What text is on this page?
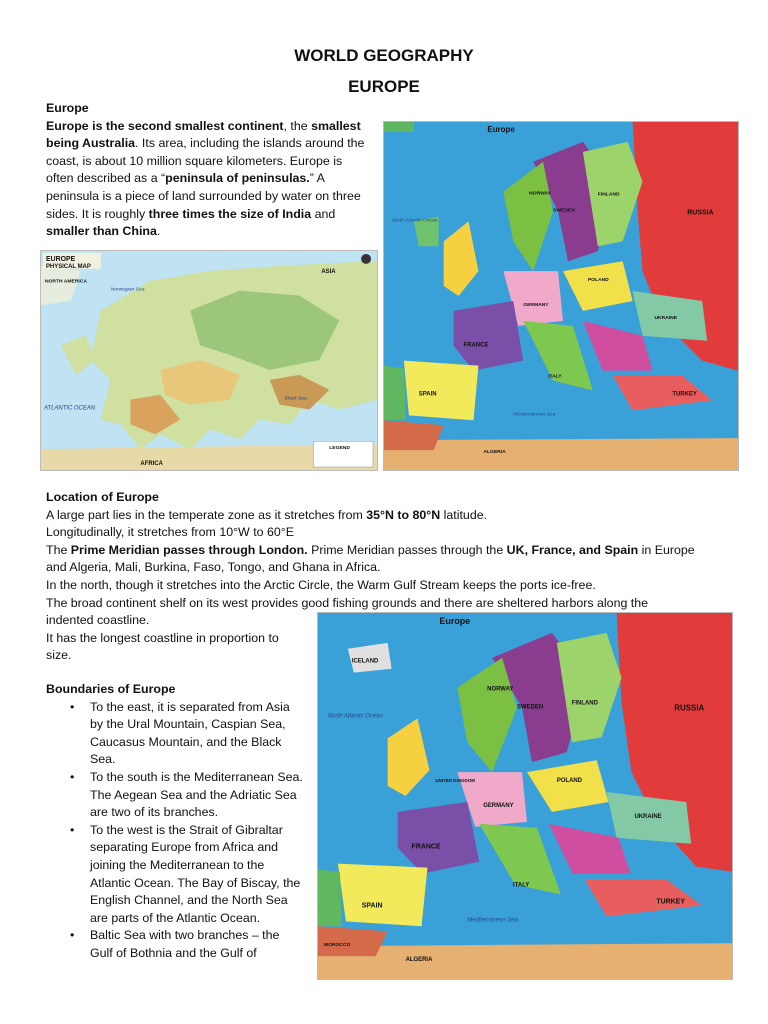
WORLD GEOGRAPHY
EUROPE
Europe
Europe is the second smallest continent, the smallest being Australia. Its area, including the islands around the coast, is about 10 million square kilometers. Europe is often described as a “peninsula of peninsulas.” A peninsula is a piece of land surrounded by water on three sides. It is roughly three times the size of India and smaller than China.
EUROPE
PHYSICAL MAP
ASIA
ATLANTIC OCEAN
AFRICA
Norwegian Sea
Black Sea
NORTH AMERICA
LEGEND
Europe
RUSSIA
NORWAY
SWEDEN
FINLAND
POLAND
GERMANY
FRANCE
SPAIN
ITALY
UKRAINE
TURKEY
ALGERIA
North Atlantic Ocean
Mediterranean Sea
Location of Europe
A large part lies in the temperate zone as it stretches from 35°N to 80°N latitude.
Longitudinally, it stretches from 10°W to 60°E
The Prime Meridian passes through London. Prime Meridian passes through the UK, France, and Spain in Europe
and Algeria, Mali, Burkina, Faso, Tongo, and Ghana in Africa.
In the north, though it stretches into the Arctic Circle, the Warm Gulf Stream keeps the ports ice-free.
The broad continent shelf on its west provides good fishing grounds and there are sheltered harbors along the
indented coastline.
It has the longest coastline in proportion to
size.
Europe
RUSSIA
NORWAY
SWEDEN
FINLAND
POLAND
GERMANY
FRANCE
SPAIN
ITALY
UKRAINE
TURKEY
ALGERIA
UNITED KINGDOM
ICELAND
MOROCCO
North Atlantic Ocean
Mediterranean Sea
Boundaries of Europe
• To the east, it is separated from Asia by the Ural Mountain, Caspian Sea, Caucasus Mountain, and the Black Sea.
• To the south is the Mediterranean Sea. The Aegean Sea and the Adriatic Sea are two of its branches.
• To the west is the Strait of Gibraltar separating Europe from Africa and joining the Mediterranean to the Atlantic Ocean. The Bay of Biscay, the English Channel, and the North Sea are parts of the Atlantic Ocean.
• Baltic Sea with two branches – the Gulf of Bothnia and the Gulf of
